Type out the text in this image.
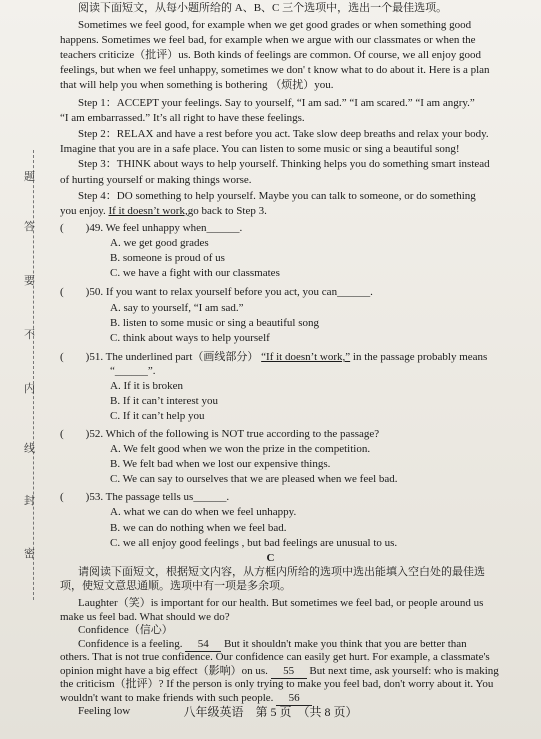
题
答
要
不
内
线
封
密
阅读下面短文，从每小题所给的 A、B、C 三个选项中，选出一个最佳选项。
Sometimes we feel good, for example when we get good grades or when something good
happens. Sometimes we feel bad, for example when we argue with our classmates or when the
teachers criticize（批评）us. Both kinds of feelings are common. Of course, we all enjoy good
feelings, but when we feel unhappy, sometimes we don' t know what to do about it. Here is a plan
that will help you when something is bothering （烦扰）you.
Step 1：ACCEPT your feelings. Say to yourself, “I am sad.” “I am scared.” “I am angry.”
“I am embarrassed.” It’s all right to have these feelings.
Step 2：RELAX and have a rest before you act. Take slow deep breaths and relax your body.
Imagine that you are in a safe place. You can listen to some music or sing a beautiful song!
Step 3：THINK about ways to help yourself. Thinking helps you do something smart instead
of hurting yourself or making things worse.
Step 4：DO something to help yourself. Maybe you can talk to someone, or do something
you enjoy. If it doesn’t work,go back to Step 3.
( )49. We feel unhappy when______.
A. we get good grades
B. someone is proud of us
C. we have a fight with our classmates
( )50. If you want to relax yourself before you act, you can______.
A. say to yourself, “I am sad.”
B. listen to some music or sing a beautiful song
C. think about ways to help yourself
( )51. The underlined part（画线部分） “If it doesn’t work,” in the passage probably means
“______”.
A. If it is broken
B. If it can’t interest you
C. If it can’t help you
( )52. Which of the following is NOT true according to the passage?
A. We felt good when we won the prize in the competition.
B. We felt bad when we lost our expensive things.
C. We can say to ourselves that we are pleased when we feel bad.
( )53. The passage tells us______.
A. what we can do when we feel unhappy.
B. we can do nothing when we feel bad.
C. we all enjoy good feelings , but bad feelings are unusual to us.
C
请阅读下面短文，根据短文内容，从方框内所给的选项中选出能填入空白处的最佳选
项，使短文意思通顺。选项中有一项是多余项。
Laughter（笑）is important for our health. But sometimes we feel bad, or people around us
make us feel bad. What should we do?
Confidence（信心）
Confidence is a feeling. 54 But it shouldn't make you think that you are better than
others. That is not true confidence. Our confidence can easily get hurt. For example, a classmate's
opinion might have a big effect（影响）on us. 55 But next time, ask yourself: who is making
the criticism（批评）? If the person is only trying to make you feel bad, don't worry about it. You
wouldn't want to make friends with such people. 56
Feeling low	八年级英语　第 5 页　（共 8 页）
